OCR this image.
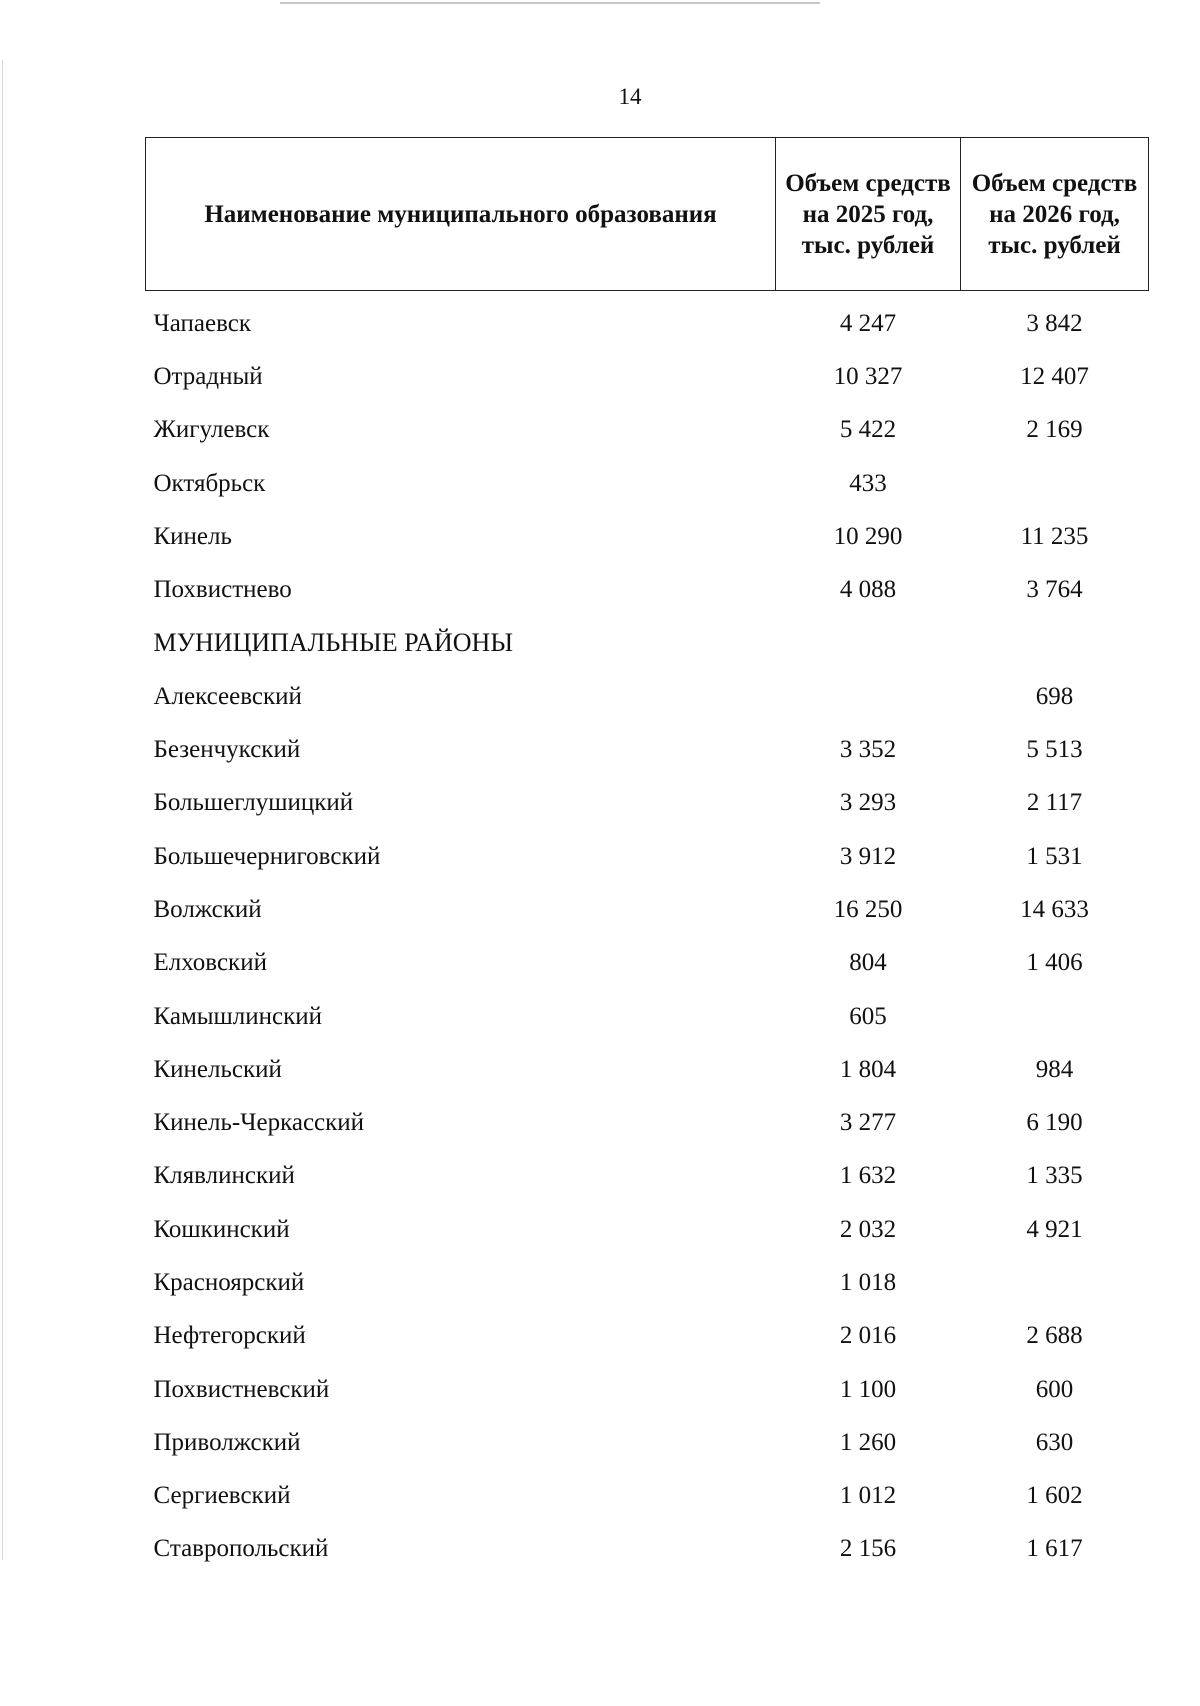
14
Наименование муниципального образования	Объем средств на 2025 год, тыс. рублей	Объем средств на 2026 год, тыс. рублей
Чапаевск	4 247	3 842
Отрадный	10 327	12 407
Жигулевск	5 422	2 169
Октябрьск	433	
Кинель	10 290	11 235
Похвистнево	4 088	3 764
МУНИЦИПАЛЬНЫЕ РАЙОНЫ		
Алексеевский		698
Безенчукский	3 352	5 513
Большеглушицкий	3 293	2 117
Большечерниговский	3 912	1 531
Волжский	16 250	14 633
Елховский	804	1 406
Камышлинский	605	
Кинельский	1 804	984
Кинель-Черкасский	3 277	6 190
Клявлинский	1 632	1 335
Кошкинский	2 032	4 921
Красноярский	1 018	
Нефтегорский	2 016	2 688
Похвистневский	1 100	600
Приволжский	1 260	630
Сергиевский	1 012	1 602
Ставропольский	2 156	1 617
